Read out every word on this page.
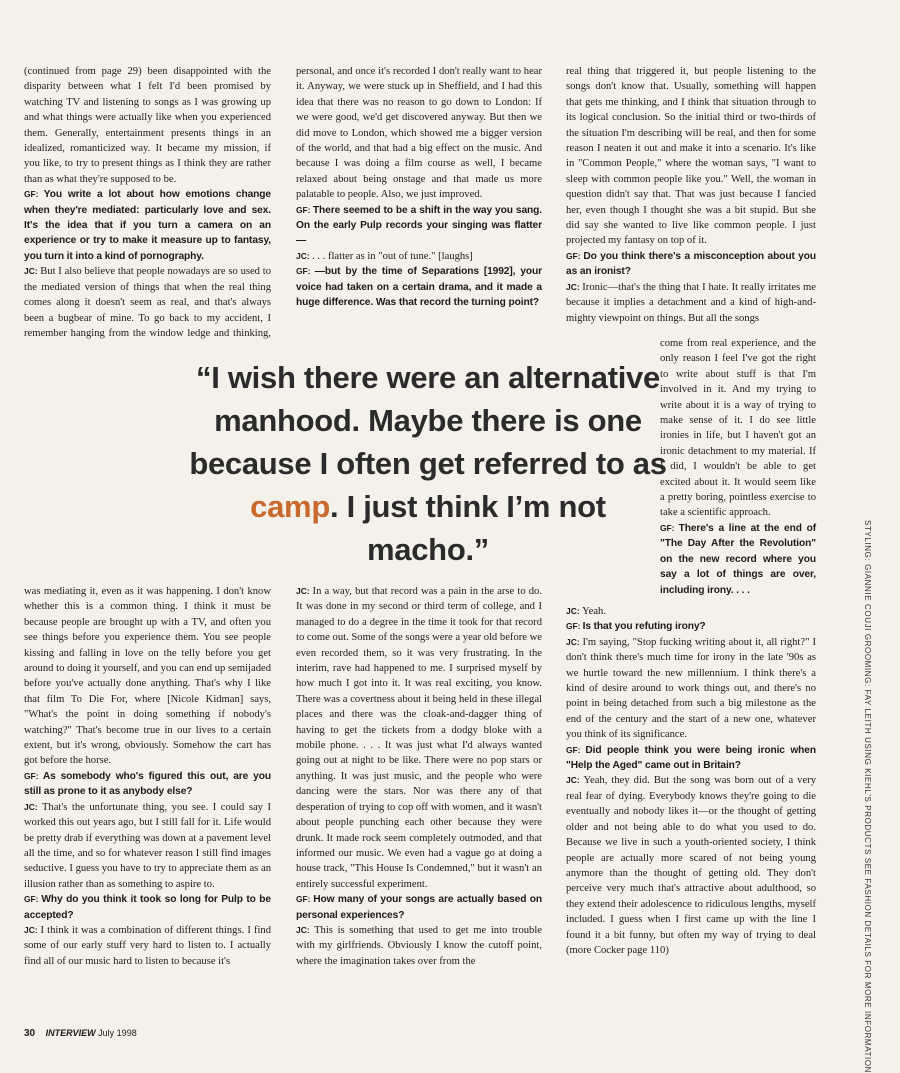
(continued from page 29) been disappointed with the disparity between what I felt I'd been promised by watching TV and listening to songs as I was growing up and what things were actually like when you experienced them. Generally, entertainment presents things in an idealized, romanticized way. It became my mission, if you like, to try to present things as I think they are rather than as what they're supposed to be.

GF: You write a lot about how emotions change when they're mediated: particularly love and sex. It's the idea that if you turn a camera on an experience or try to make it measure up to fantasy, you turn it into a kind of pornography.

JC: But I also believe that people nowadays are so used to the mediated version of things that when the real thing comes along it doesn't seem as real, and that's always been a bugbear of mine. To go back to my accident, I remember hanging from the window ledge and thinking,

was mediating it, even as it was happening. I don't know whether this is a common thing. I think it must be because people are brought up with a TV, and often you see things before you experience them. You see people kissing and falling in love on the telly before you get around to doing it yourself, and you can end up semijaded before you've actually done anything. That's why I like that film To Die For, where [Nicole Kidman] says, "What's the point in doing something if nobody's watching?" That's become true in our lives to a certain extent, but it's wrong, obviously. Somehow the cart has got before the horse.

GF: As somebody who's figured this out, are you still as prone to it as anybody else?

JC: That's the unfortunate thing, you see. I could say I worked this out years ago, but I still fall for it. Life would be pretty drab if everything was down at a pavement level all the time, and so for whatever reason I still find images seductive. I guess you have to try to appreciate them as an illusion rather than as something to aspire to.

GF: Why do you think it took so long for Pulp to be accepted?

JC: I think it was a combination of different things. I find some of our early stuff very hard to listen to. I actually find all of our music hard to listen to because it's

personal, and once it's recorded I don't really want to hear it. Anyway, we were stuck up in Sheffield, and I had this idea that there was no reason to go down to London: If we were good, we'd get discovered anyway. But then we did move to London, which showed me a bigger version of the world, and that had a big effect on the music. And because I was doing a film course as well, I became relaxed about being onstage and that made us more palatable to people. Also, we just improved.

GF: There seemed to be a shift in the way you sang. On the early Pulp records your singing was flatter—

JC: . . . flatter as in "out of tune." [laughs]

GF: —but by the time of Separations [1992], your voice had taken on a certain drama, and it made a huge difference. Was that record the turning point?

JC: In a way, but that record was a pain in the arse to do. It was done in my second or third term of college, and I managed to do a degree in the time it took for that record to come out. Some of the songs were a year old before we even recorded them, so it was very frustrating. In the interim, rave had happened to me. I surprised myself by how much I got into it. It was real exciting, you know. There was a covertness about it being held in these illegal places and there was the cloak-and-dagger thing of having to get the tickets from a dodgy bloke with a mobile phone. . . . It was just what I'd always wanted going out at night to be like. There were no pop stars or anything. It was just music, and the people who were dancing were the stars. Nor was there any of that desperation of trying to cop off with women, and it wasn't about people punching each other because they were drunk. It made rock seem completely outmoded, and that informed our music. We even had a vague go at doing a house track, "This House Is Condemned," but it wasn't an entirely successful experiment.

GF: How many of your songs are actually based on personal experiences?

JC: This is something that used to get me into trouble with my girlfriends. Obviously I know the cutoff point, where the imagination takes over from the

real thing that triggered it, but people listening to the songs don't know that. Usually, something will happen that gets me thinking, and I think that situation through to its logical conclusion. So the initial third or two-thirds of the situation I'm describing will be real, and then for some reason I neaten it out and make it into a scenario. It's like in "Common People," where the woman says, "I want to sleep with common people like you." Well, the woman in question didn't say that. That was just because I fancied her, even though I thought she was a bit stupid. But she did say she wanted to live like common people. I just projected my fantasy on top of it.

GF: Do you think there's a misconception about you as an ironist?

JC: Ironic—that's the thing that I hate. It really irritates me because it implies a detachment and a kind of high-and-mighty viewpoint on things. But all the songs

come from real experience, and the only reason I feel I've got the right to write about stuff is that I'm involved in it. And my trying to write about it is a way of trying to make sense of it. I do see little ironies in life, but I haven't got an ironic detachment to my material. If I did, I wouldn't be able to get excited about it. It would seem like a pretty boring, pointless exercise to take a scientific approach.

GF: There's a line at the end of "The Day After the Revolution" on the new record where you say a lot of things are over, including irony. . . .

JC: Yeah.

GF: Is that you refuting irony?

JC: I'm saying, "Stop fucking writing about it, all right?" I don't think there's much time for irony in the late '90s as we hurtle toward the new millennium. I think there's a kind of desire around to work things out, and there's no point in being detached from such a big milestone as the end of the century and the start of a new one, whatever you think of its significance.

GF: Did people think you were being ironic when "Help the Aged" came out in Britain?

JC: Yeah, they did. But the song was born out of a very real fear of dying. Everybody knows they're going to die eventually and nobody likes it—or the thought of getting older and not being able to do what you used to do. Because we live in such a youth-oriented society, I think people are actually more scared of not being young anymore than the thought of getting old. They don't perceive very much that's attractive about adulthood, so they extend their adolescence to ridiculous lengths, myself included. I guess when I first came up with the line I found it a bit funny, but often my way of trying to deal (more Cocker page 110)

“I wish there were an alternative manhood. Maybe there is one because I often get referred to as camp. I just think I’m not macho.”	STYLING: GIANNIE COUJI GROOMING: FAY LEITH USING KIEHL'S PRODUCTS SEE FASHION DETAILS FOR MORE INFORMATION
30 INTERVIEW July 1998
